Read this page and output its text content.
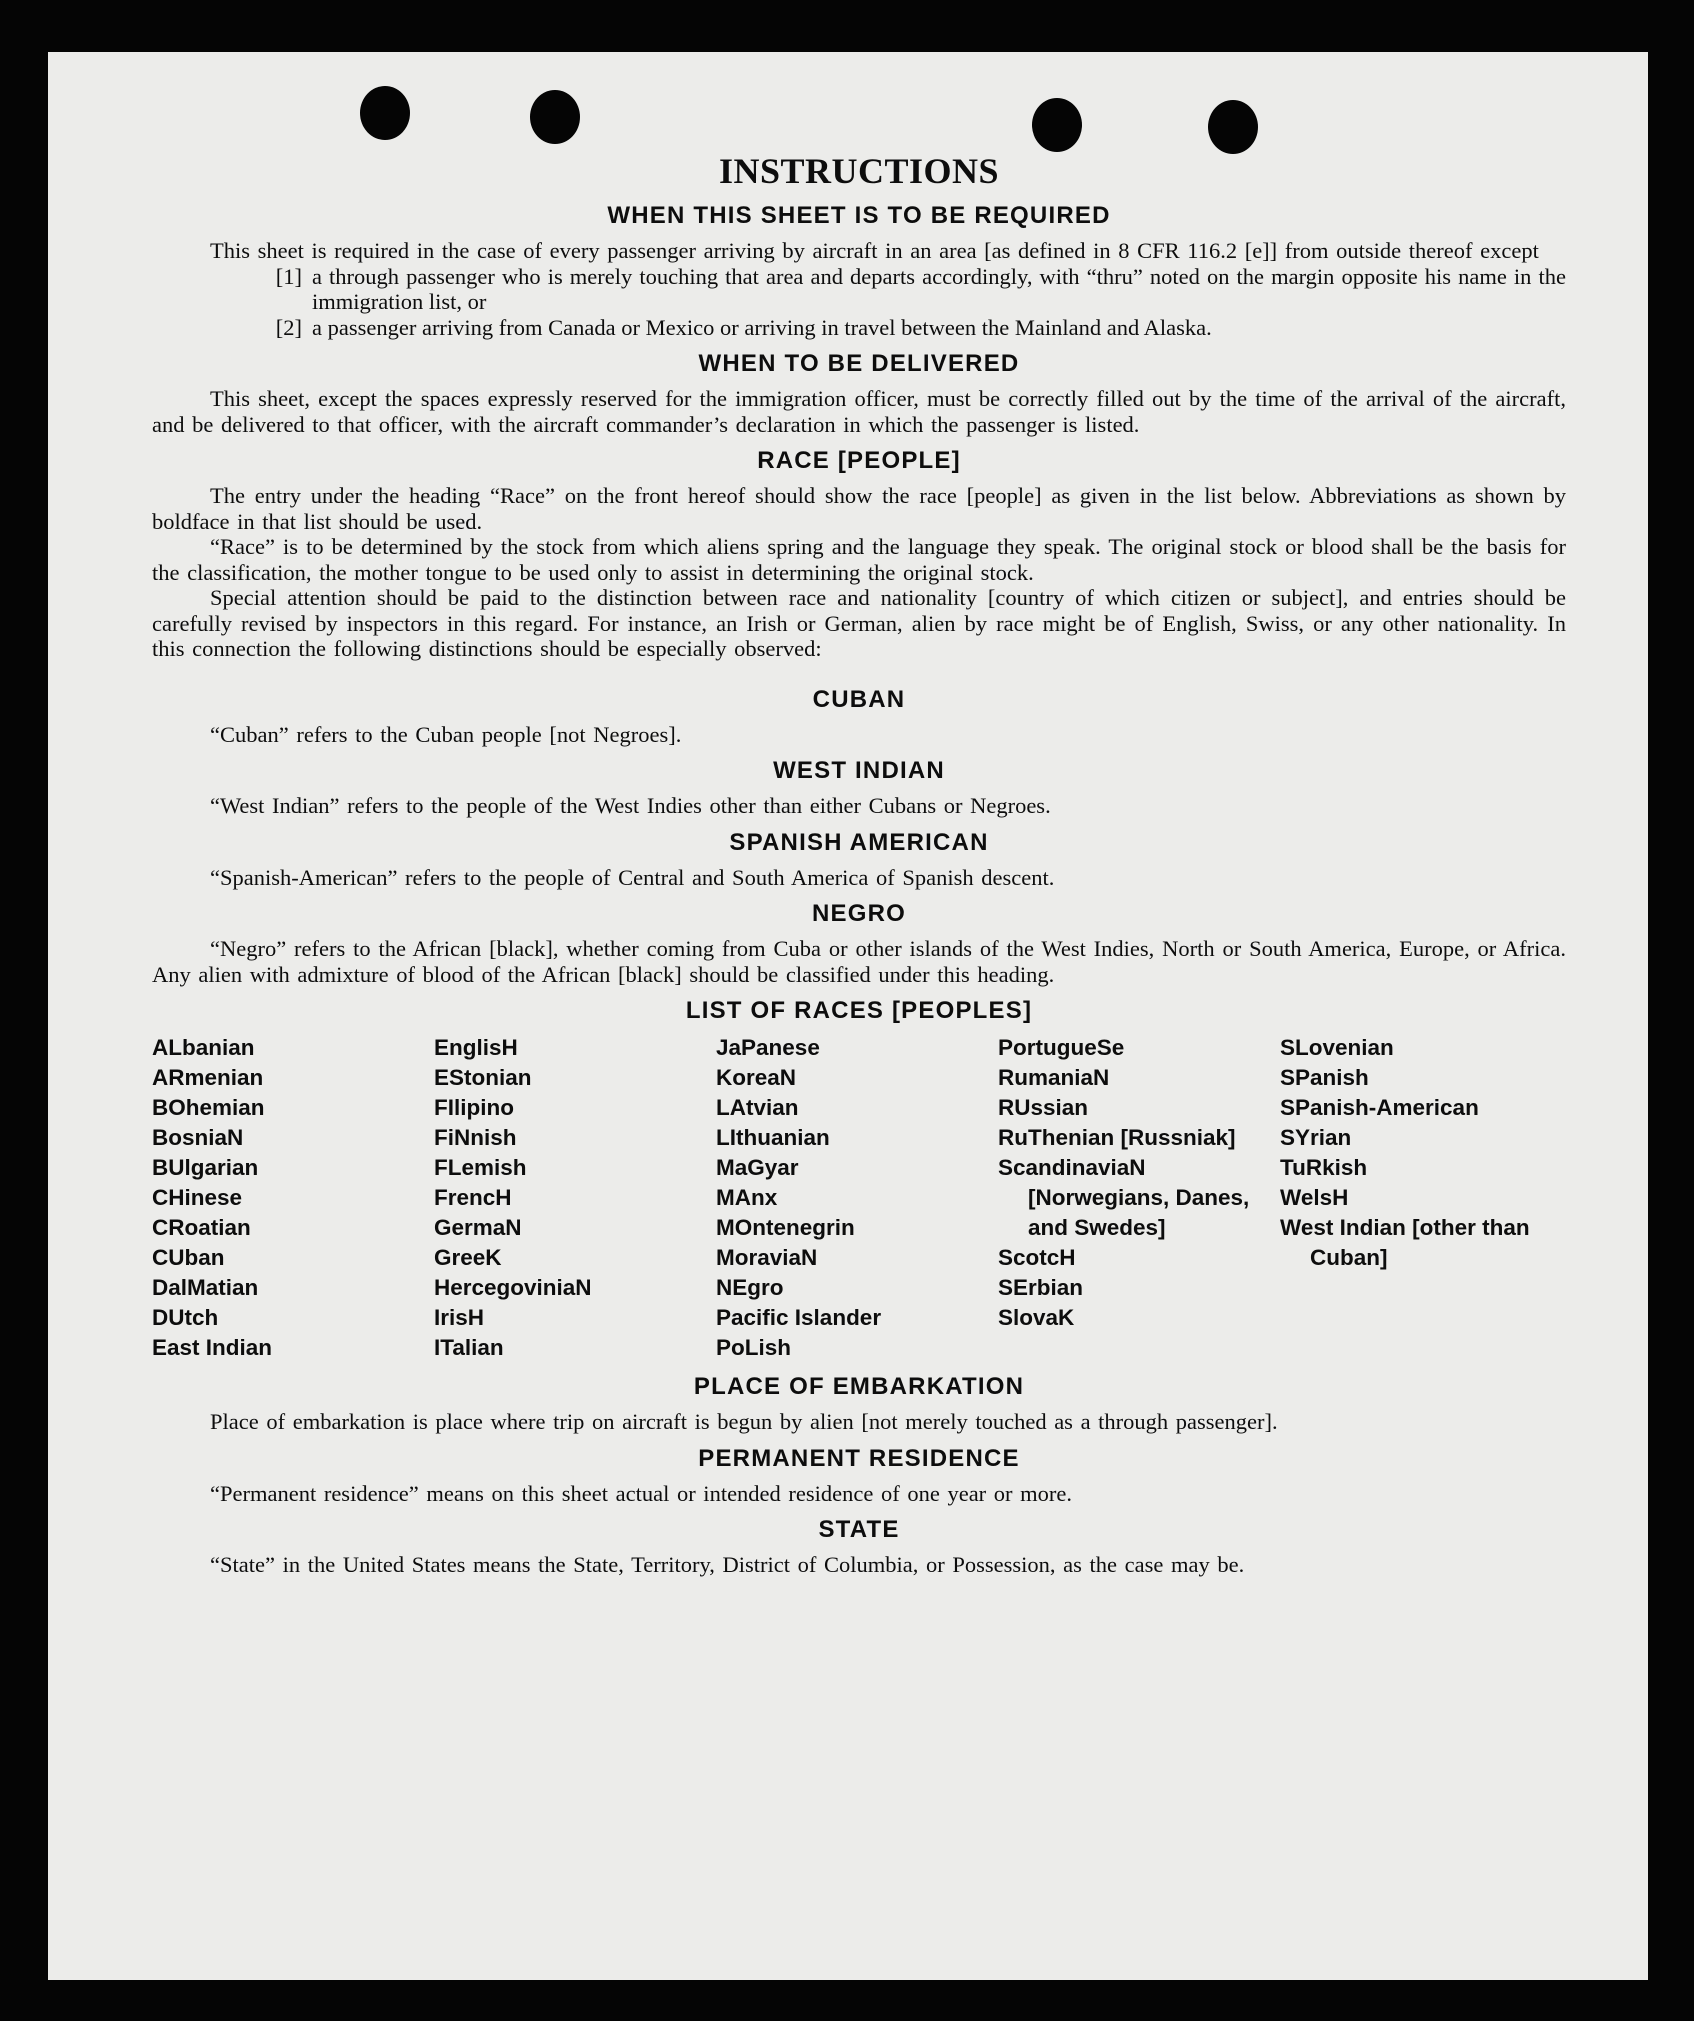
INSTRUCTIONS
WHEN THIS SHEET IS TO BE REQUIRED

This sheet is required in the case of every passenger arriving by aircraft in an area [as defined in 8 CFR 116.2 [e]] from outside thereof except

[1] a through passenger who is merely touching that area and departs accordingly, with “thru” noted on the margin opposite his name in the immigration list, or
[2] a passenger arriving from Canada or Mexico or arriving in travel between the Mainland and Alaska.
WHEN TO BE DELIVERED

This sheet, except the spaces expressly reserved for the immigration officer, must be correctly filled out by the time of the arrival of the aircraft, and be delivered to that officer, with the aircraft commander’s declaration in which the passenger is listed.

RACE [PEOPLE]

The entry under the heading “Race” on the front hereof should show the race [people] as given in the list below. Abbreviations as shown by boldface in that list should be used.

“Race” is to be determined by the stock from which aliens spring and the language they speak. The original stock or blood shall be the basis for the classification, the mother tongue to be used only to assist in determining the original stock.

Special attention should be paid to the distinction between race and nationality [country of which citizen or subject], and entries should be carefully revised by inspectors in this regard. For instance, an Irish or German, alien by race might be of English, Swiss, or any other nationality. In this connection the following distinctions should be especially observed:

CUBAN

“Cuban” refers to the Cuban people [not Negroes].

WEST INDIAN

“West Indian” refers to the people of the West Indies other than either Cubans or Negroes.

SPANISH AMERICAN

“Spanish-American” refers to the people of Central and South America of Spanish descent.

NEGRO

“Negro” refers to the African [black], whether coming from Cuba or other islands of the West Indies, North or South America, Europe, or Africa. Any alien with admixture of blood of the African [black] should be classified under this heading.

LIST OF RACES [PEOPLES]
ALbanian
ARmenian
BOhemian
BosniaN
BUlgarian
CHinese
CRoatian
CUban
DalMatian
DUtch
East Indian
EnglisH
EStonian
FIlipino
FiNnish
FLemish
FrencH
GermaN
GreeK
HercegoviniaN
IrisH
ITalian
JaPanese
KoreaN
LAtvian
LIthuanian
MaGyar
MAnx
MOntenegrin
MoraviaN
NEgro
Pacific Islander
PoLish
PortugueSe
RumaniaN
RUssian
RuThenian [Russniak]
ScandinaviaN [Norwegians, Danes, and Swedes]
ScotcH
SErbian
SlovaK
SLovenian
SPanish
SPanish-American
SYrian
TuRkish
WelsH
West Indian [other than Cuban]
PLACE OF EMBARKATION

Place of embarkation is place where trip on aircraft is begun by alien [not merely touched as a through passenger].

PERMANENT RESIDENCE

“Permanent residence” means on this sheet actual or intended residence of one year or more.

STATE

“State” in the United States means the State, Territory, District of Columbia, or Possession, as the case may be.
